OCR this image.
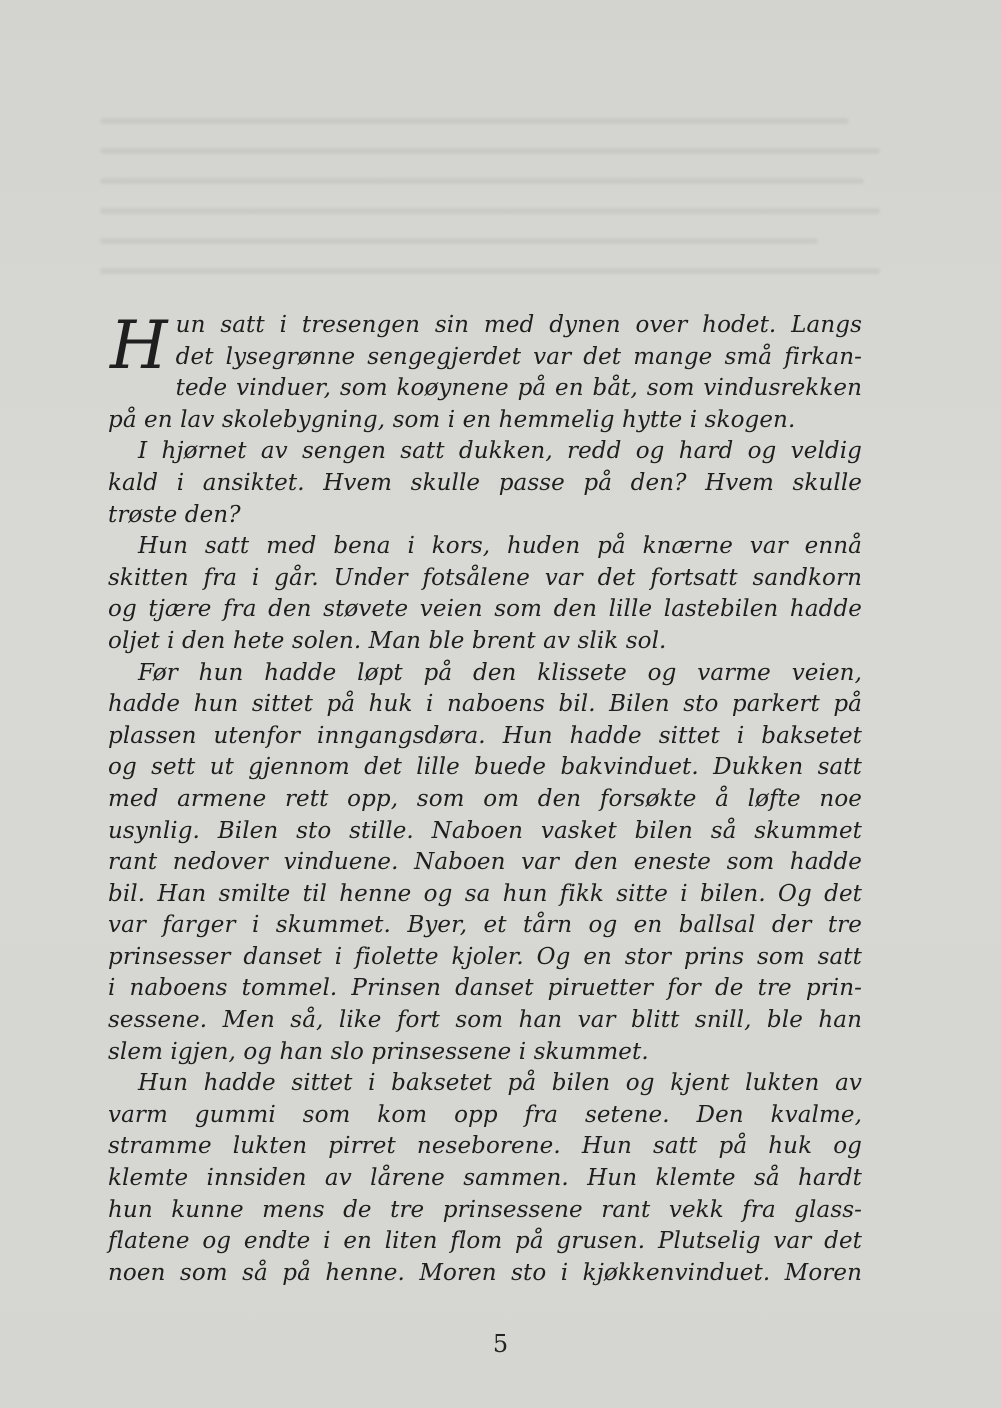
H un satt i tresengen sin med dynen over hodet. Langs
det lysegrønne sengegjerdet var det mange små firkan-
tede vinduer, som koøynene på en båt, som vindusrekken
på en lav skolebygning, som i en hemmelig hytte i skogen.
I hjørnet av sengen satt dukken, redd og hard og veldig
kald i ansiktet. Hvem skulle passe på den? Hvem skulle
trøste den?
Hun satt med bena i kors, huden på knærne var ennå
skitten fra i går. Under fotsålene var det fortsatt sandkorn
og tjære fra den støvete veien som den lille lastebilen hadde
oljet i den hete solen. Man ble brent av slik sol.
Før hun hadde løpt på den klissete og varme veien,
hadde hun sittet på huk i naboens bil. Bilen sto parkert på
plassen utenfor inngangsdøra. Hun hadde sittet i baksetet
og sett ut gjennom det lille buede bakvinduet. Dukken satt
med armene rett opp, som om den forsøkte å løfte noe
usynlig. Bilen sto stille. Naboen vasket bilen så skummet
rant nedover vinduene. Naboen var den eneste som hadde
bil. Han smilte til henne og sa hun fikk sitte i bilen. Og det
var farger i skummet. Byer, et tårn og en ballsal der tre
prinsesser danset i fiolette kjoler. Og en stor prins som satt
i naboens tommel. Prinsen danset piruetter for de tre prin-
sessene. Men så, like fort som han var blitt snill, ble han
slem igjen, og han slo prinsessene i skummet.
Hun hadde sittet i baksetet på bilen og kjent lukten av
varm gummi som kom opp fra setene. Den kvalme,
stramme lukten pirret neseborene. Hun satt på huk og
klemte innsiden av lårene sammen. Hun klemte så hardt
hun kunne mens de tre prinsessene rant vekk fra glass-
flatene og endte i en liten flom på grusen. Plutselig var det
noen som så på henne. Moren sto i kjøkkenvinduet. Moren
5
